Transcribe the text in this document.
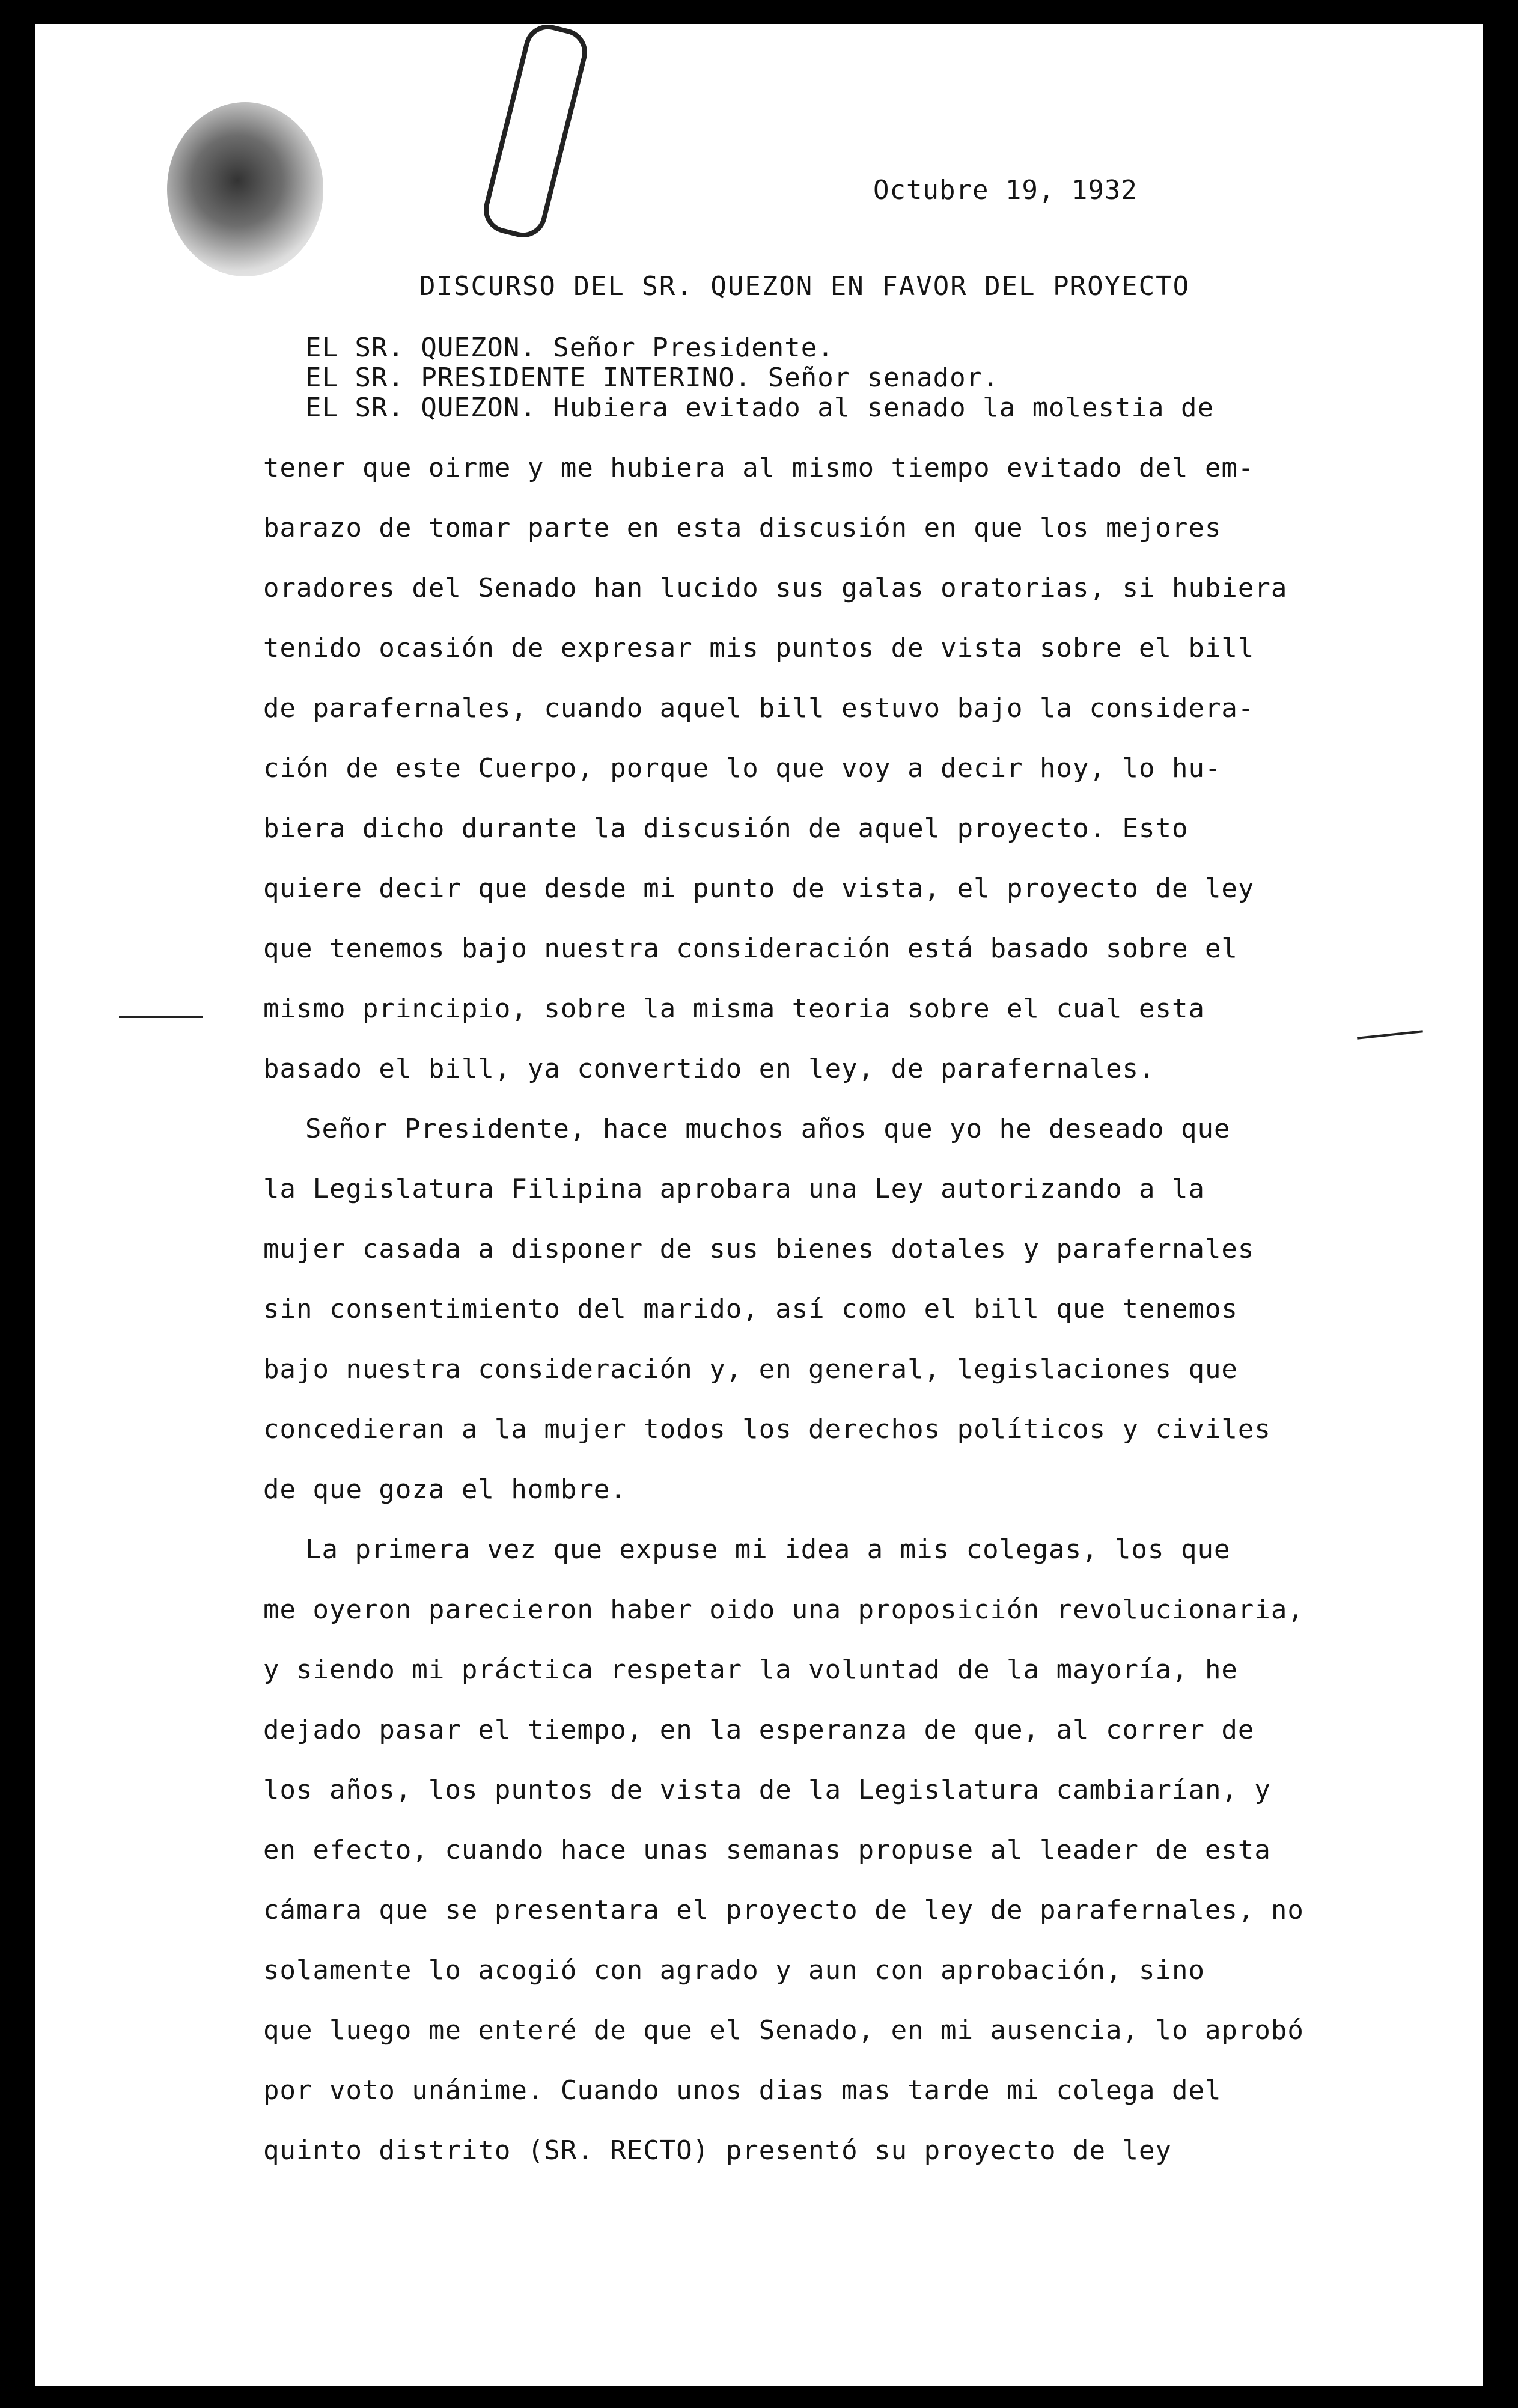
Octubre 19, 1932
DISCURSO DEL SR. QUEZON EN FAVOR DEL PROYECTO
EL SR. QUEZON. Señor Presidente.
EL SR. PRESIDENTE INTERINO. Señor senador.
EL SR. QUEZON. Hubiera evitado al senado la molestia de
tener que oirme y me hubiera al mismo tiempo evitado del em-
barazo de tomar parte en esta discusión en que los mejores
oradores del Senado han lucido sus galas oratorias, si hubiera
tenido ocasión de expresar mis puntos de vista sobre el bill
de parafernales, cuando aquel bill estuvo bajo la considera-
ción de este Cuerpo, porque lo que voy a decir hoy, lo hu-
biera dicho durante la discusión de aquel proyecto. Esto
quiere decir que desde mi punto de vista, el proyecto de ley
que tenemos bajo nuestra consideración está basado sobre el
mismo principio, sobre la misma teoria sobre el cual esta
basado el bill, ya convertido en ley, de parafernales.
Señor Presidente, hace muchos años que yo he deseado que
la Legislatura Filipina aprobara una Ley autorizando a la
mujer casada a disponer de sus bienes dotales y parafernales
sin consentimiento del marido, así como el bill que tenemos
bajo nuestra consideración y, en general, legislaciones que
concedieran a la mujer todos los derechos políticos y civiles
de que goza el hombre.
La primera vez que expuse mi idea a mis colegas, los que
me oyeron parecieron haber oido una proposición revolucionaria,
y siendo mi práctica respetar la voluntad de la mayoría, he
dejado pasar el tiempo, en la esperanza de que, al correr de
los años, los puntos de vista de la Legislatura cambiarían, y
en efecto, cuando hace unas semanas propuse al leader de esta
cámara que se presentara el proyecto de ley de parafernales, no
solamente lo acogió con agrado y aun con aprobación, sino
que luego me enteré de que el Senado, en mi ausencia, lo aprobó
por voto unánime. Cuando unos dias mas tarde mi colega del
quinto distrito (SR. RECTO) presentó su proyecto de ley
